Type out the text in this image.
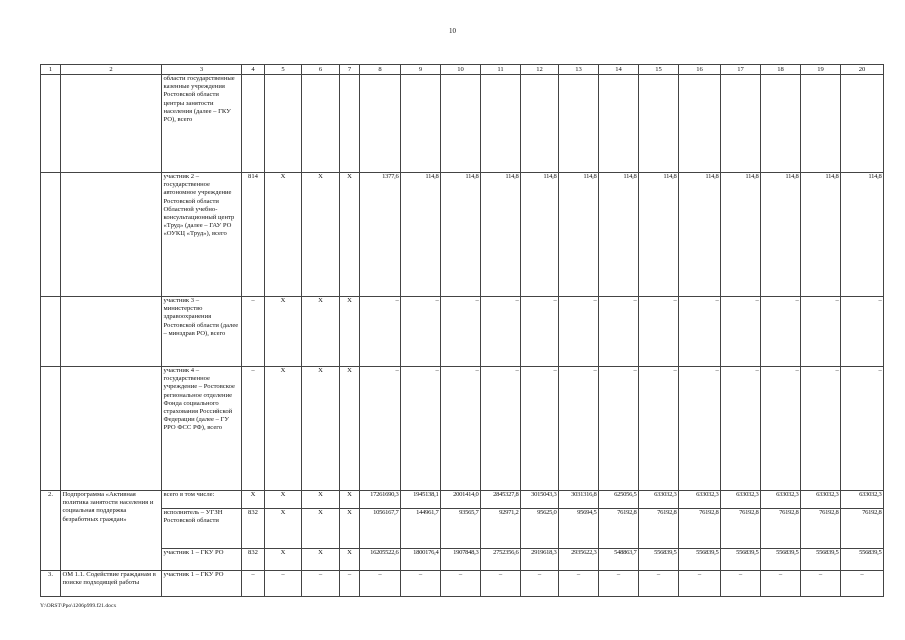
10
1	2	3	4	5	6	7	8	9	10	11	12	13	14	15	16	17	18	19	20
		области государственные казенные учреждения Ростовской области центры занятости населения (далее – ГКУ РО), всего																	
		участник 2 – государственное автономное учреждение Ростовской области Областной учебно-консультационный центр «Труд» (далее – ГАУ РО «ОУКЦ «Труд»), всего	814	Х	Х	Х	1377,6	114,8	114,8	114,8	114,8	114,8	114,8	114,8	114,8	114,8	114,8	114,8	114,8
		участник 3 – министерство здравоохранения Ростовской области (далее – минздрав РО), всего	–	Х	Х	Х	–	–	–	–	–	–	–	–	–	–	–	–	–
		участник 4 – государственное учреждение – Ростовское региональное отделение Фонда социального страхования Российской Федерации (далее – ГУ РРО ФСС РФ), всего	–	Х	Х	Х	–	–	–	–	–	–	–	–	–	–	–	–	–
2.	Подпрограмма «Активная политика занятости населения и социальная поддержка безработных граждан»	всего в том числе:	Х	Х	Х	Х	17261690,3	1945138,1	2001414,0	2845327,8	3015043,3	3031316,8	625056,5	633032,3	633032,3	633032,3	633032,3	633032,3	633032,3
		исполнитель – УГЗН Ростовской области	832	Х	Х	Х	1056167,7	144961,7	93565,7	92971,2	95625,0	95694,5	76192,8	76192,8	76192,8	76192,8	76192,8	76192,8	76192,8
		участник 1 – ГКУ РО	832	Х	Х	Х	16205522,6	1800176,4	1907848,3	2752356,6	2919618,3	2935622,3	548863,7	556839,5	556839,5	556839,5	556839,5	556839,5	556839,5
3.	ОМ 1.1. Содействие гражданам в поиске подходящей работы	участник 1 – ГКУ РО	–	–	–	–	–	–	–	–	–	–	–	–	–	–	–	–	–
Y:\ORST\Ppo\1206p999.f21.docx
